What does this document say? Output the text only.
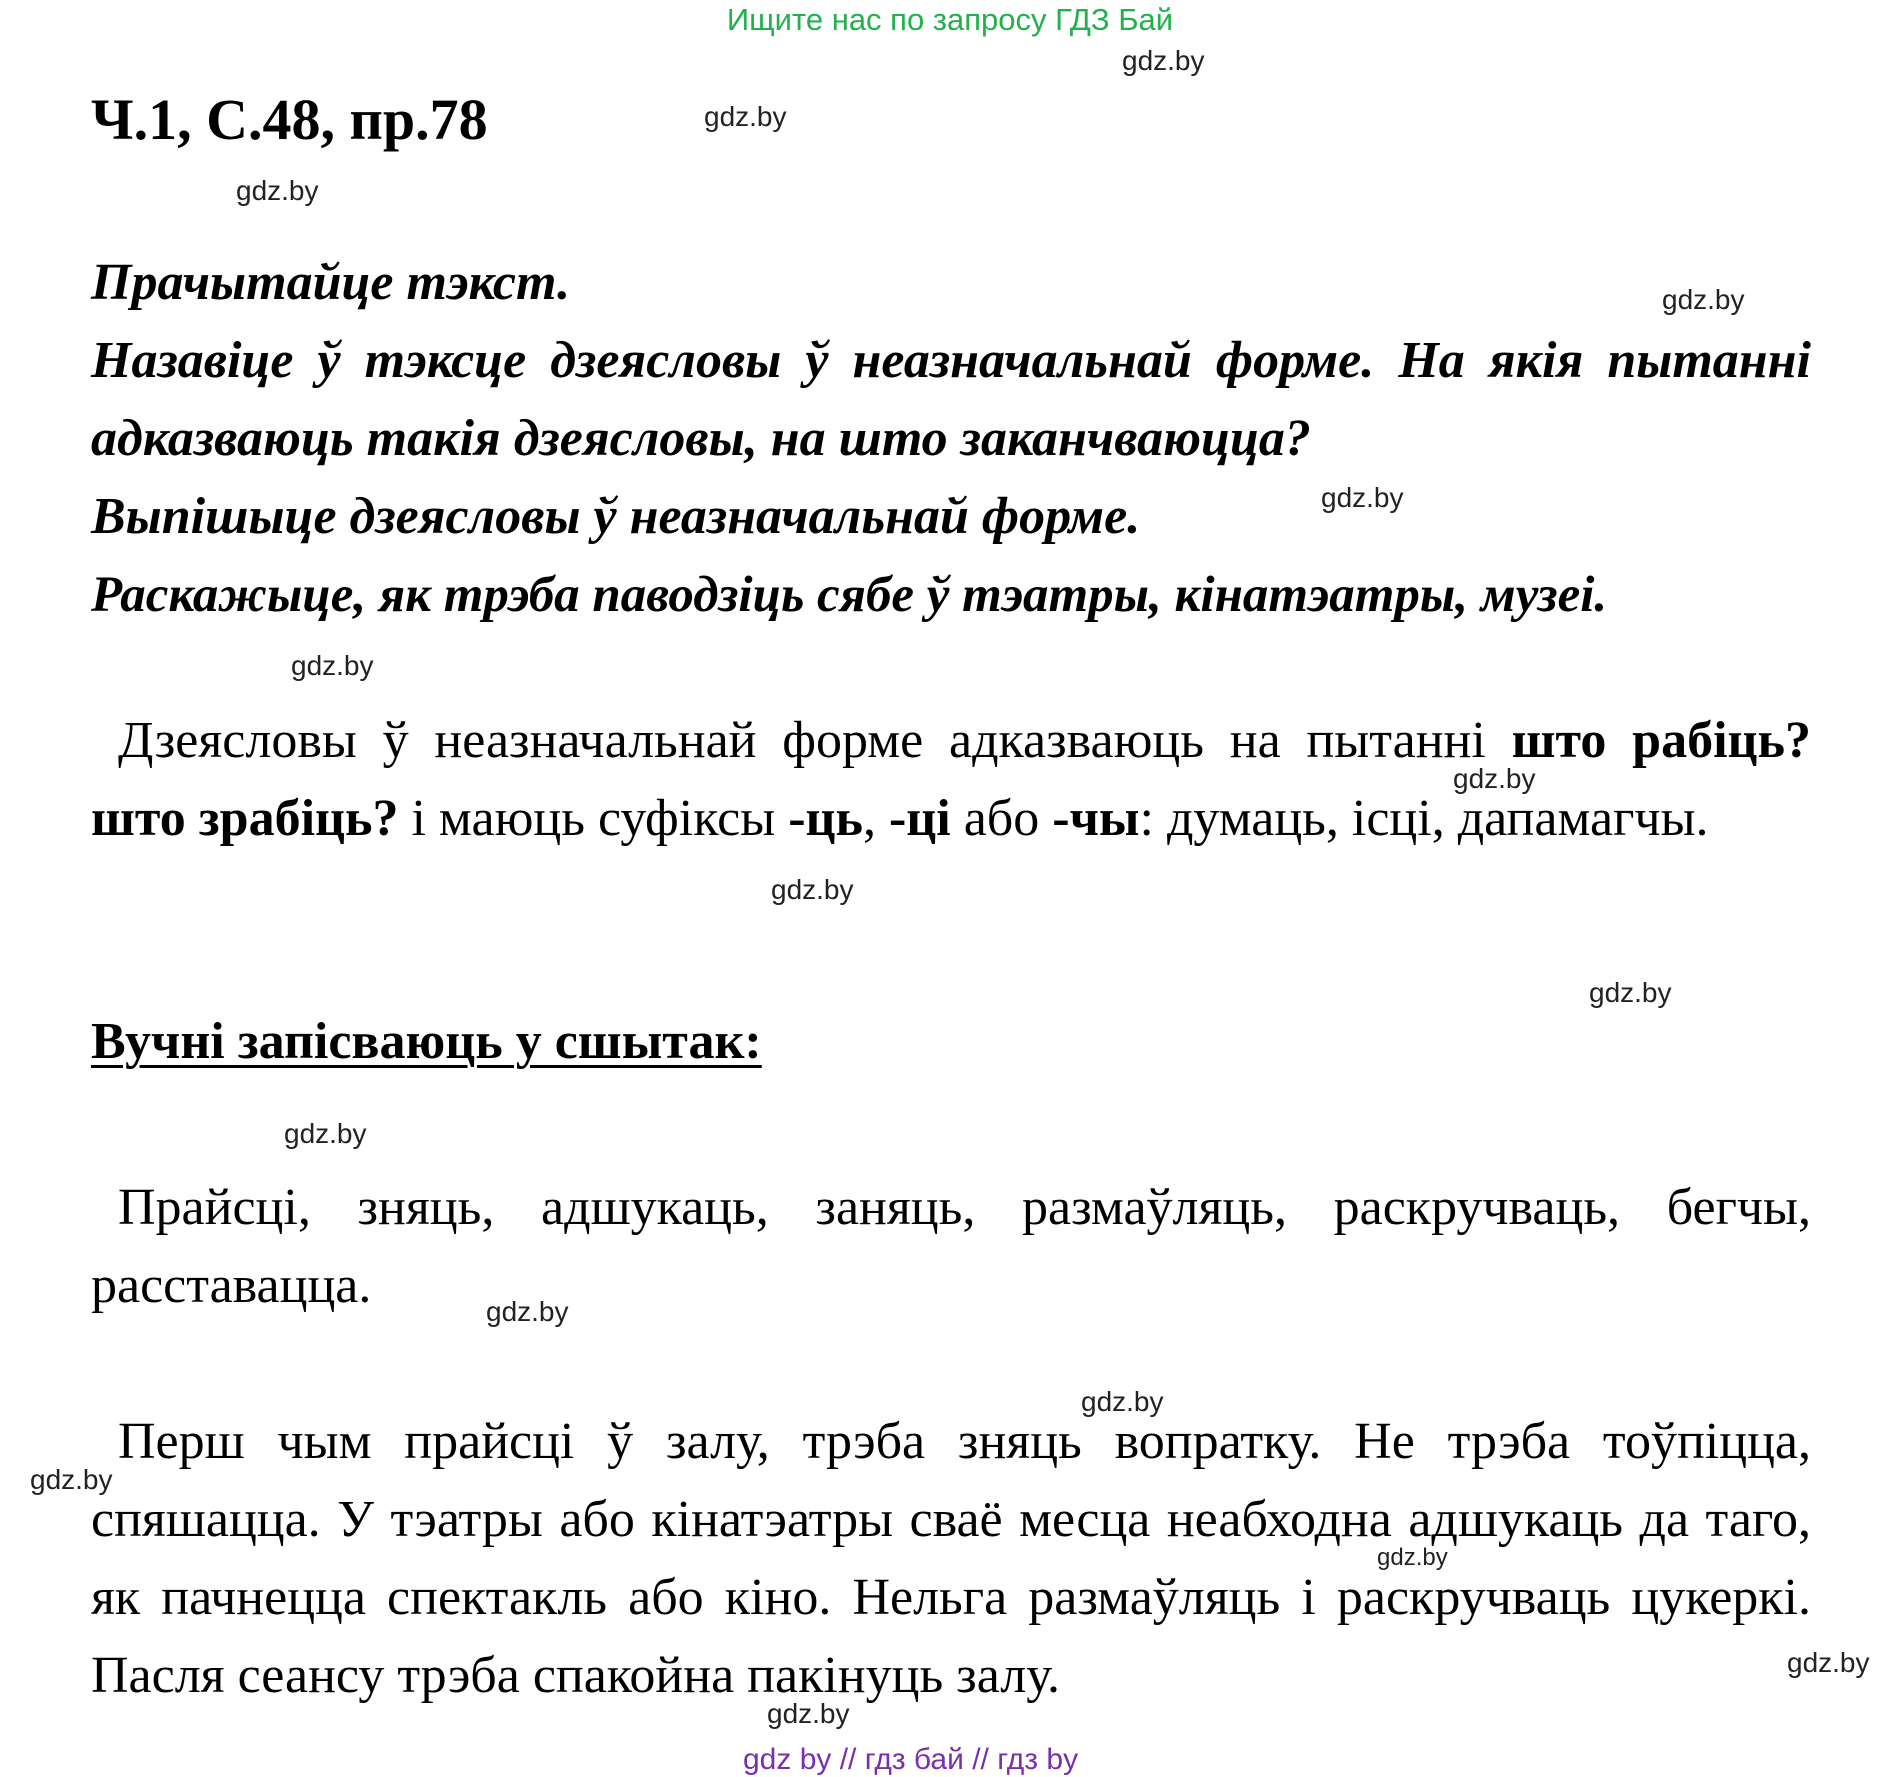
Ищите нас по запросу ГДЗ Бай
Ч.1, С.48, пр.78
Прачытайце тэкст.
Назавіце ў тэксце дзеясловы ў неазначальнай форме. На якія пытанні адказваюць такія дзеясловы, на што заканчваюцца?
Выпішыце дзеясловы ў неазначальнай форме.
Раскажыце, як трэба паводзіць сябе ў тэатры, кінатэатры, музеі.
Дзеясловы ў неазначальнай форме адказваюць на пытанні што рабіць? што зрабіць? і маюць суфіксы -ць, -ці або -чы: думаць, ісці, дапамагчы.
Вучні запісваюць у сшытак:
Прайсці, зняць, адшукаць, заняць, размаўляць, раскручваць, бегчы, расставацца.
Перш чым прайсці ў залу, трэба зняць вопратку. Не трэба тоўпіцца, спяшацца. У тэатры або кінатэатры сваё месца неабходна адшукаць да таго, як пачнецца спектакль або кіно. Нельга размаўляць і раскручваць цукеркі. Пасля сеансу трэба спакойна пакінуць залу.
gdz.by
gdz.by
gdz.by
gdz.by
gdz.by
gdz.by
gdz.by
gdz.by
gdz.by
gdz.by
gdz.by
gdz.by
gdz.by
gdz.by
gdz.by
gdz.by
gdz by // гдз бай // гдз by
